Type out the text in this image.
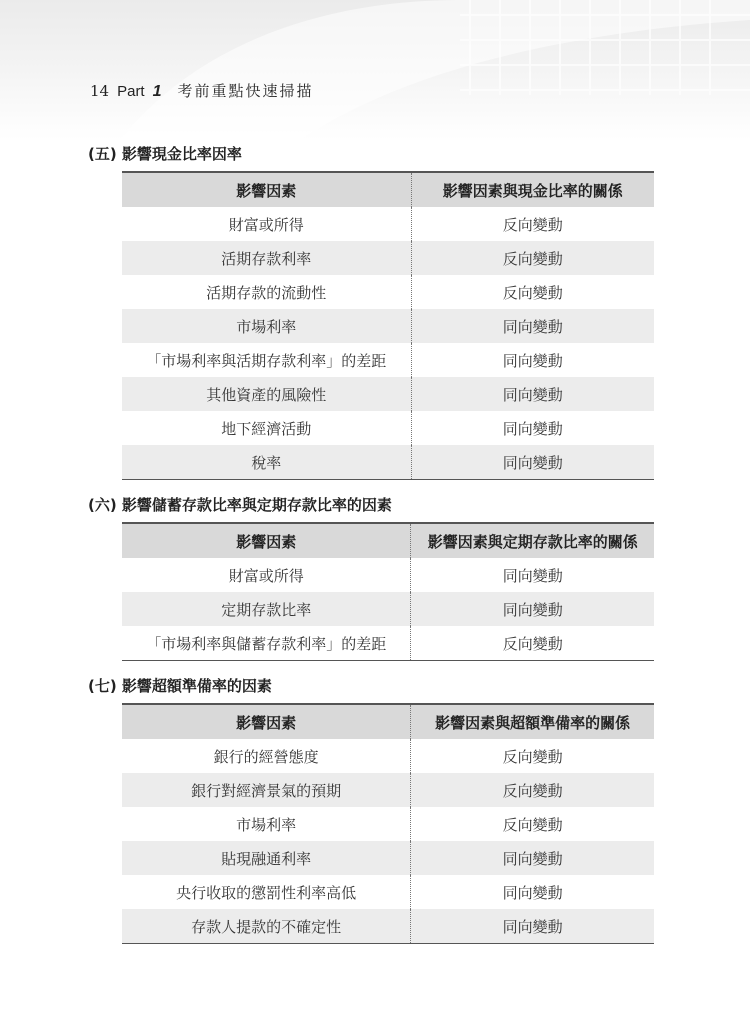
14 Part 1 考前重點快速掃描
(五) 影響現金比率因率
影響因素	影響因素與現金比率的關係
財富或所得	反向變動
活期存款利率	反向變動
活期存款的流動性	反向變動
市場利率	同向變動
「市場利率與活期存款利率」的差距	同向變動
其他資產的風險性	同向變動
地下經濟活動	同向變動
稅率	同向變動
(六) 影響儲蓄存款比率與定期存款比率的因素
影響因素	影響因素與定期存款比率的關係
財富或所得	同向變動
定期存款比率	同向變動
「市場利率與儲蓄存款利率」的差距	反向變動
(七) 影響超額準備率的因素
影響因素	影響因素與超額準備率的關係
銀行的經營態度	反向變動
銀行對經濟景氣的預期	反向變動
市場利率	反向變動
貼現融通利率	同向變動
央行收取的懲罰性利率高低	同向變動
存款人提款的不確定性	同向變動
